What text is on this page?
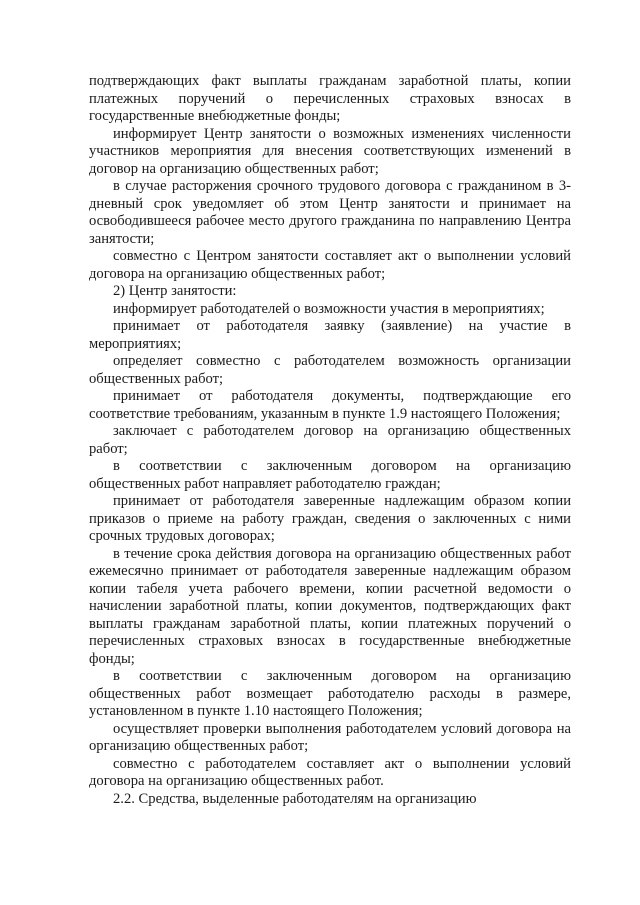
подтверждающих факт выплаты гражданам заработной платы, копии платежных поручений о перечисленных страховых взносах в государственные внебюджетные фонды;

информирует Центр занятости о возможных изменениях численности участников мероприятия для внесения соответствующих изменений в договор на организацию общественных работ;

в случае расторжения срочного трудового договора с гражданином в 3-дневный срок уведомляет об этом Центр занятости и принимает на освободившееся рабочее место другого гражданина по направлению Центра занятости;

совместно с Центром занятости составляет акт о выполнении условий договора на организацию общественных работ;

2) Центр занятости:

информирует работодателей о возможности участия в мероприятиях;

принимает от работодателя заявку (заявление) на участие в мероприятиях;

определяет совместно с работодателем возможность организации общественных работ;

принимает от работодателя документы, подтверждающие его соответствие требованиям, указанным в пункте 1.9 настоящего Положения;

заключает с работодателем договор на организацию общественных работ;

в соответствии с заключенным договором на организацию общественных работ направляет работодателю граждан;

принимает от работодателя заверенные надлежащим образом копии приказов о приеме на работу граждан, сведения о заключенных с ними срочных трудовых договорах;

в течение срока действия договора на организацию общественных работ ежемесячно принимает от работодателя заверенные надлежащим образом копии табеля учета рабочего времени, копии расчетной ведомости о начислении заработной платы, копии документов, подтверждающих факт выплаты гражданам заработной платы, копии платежных поручений о перечисленных страховых взносах в государственные внебюджетные фонды;

в соответствии с заключенным договором на организацию общественных работ возмещает работодателю расходы в размере, установленном в пункте 1.10 настоящего Положения;

осуществляет проверки выполнения работодателем условий договора на организацию общественных работ;

совместно с работодателем составляет акт о выполнении условий договора на организацию общественных работ.

2.2. Средства, выделенные работодателям на организацию
